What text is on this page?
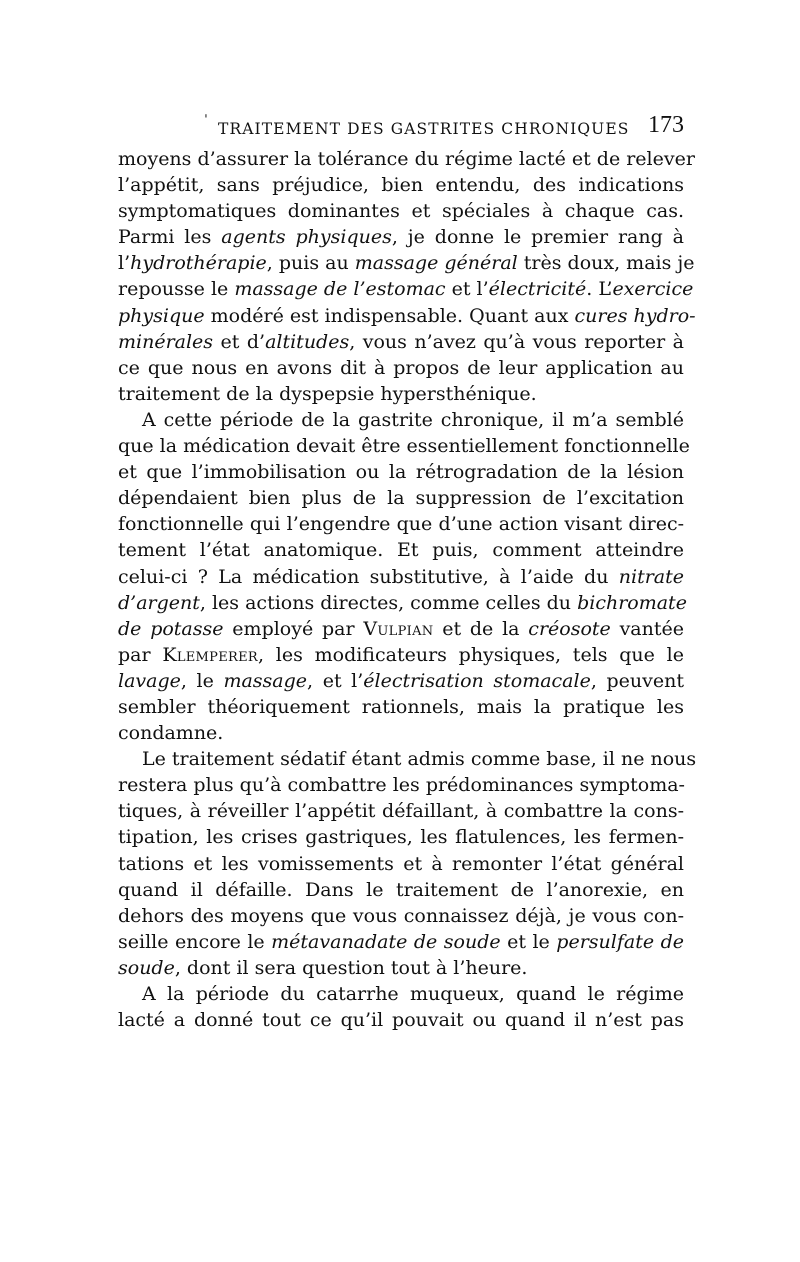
ˈ TRAITEMENT DES GASTRITES CHRONIQUES 173
moyens d’assurer la tolérance du régime lacté et de relever
l’appétit, sans préjudice, bien entendu, des indications
symptomatiques dominantes et spéciales à chaque cas.
Parmi les agents physiques, je donne le premier rang à
l’hydrothérapie, puis au massage général très doux, mais je
repousse le massage de l’estomac et l’électricité. L’exercice
physique modéré est indispensable. Quant aux cures hydro-
minérales et d’altitudes, vous n’avez qu’à vous reporter à
ce que nous en avons dit à propos de leur application au
traitement de la dyspepsie hypersthénique.
A cette période de la gastrite chronique, il m’a semblé
que la médication devait être essentiellement fonctionnelle
et que l’immobilisation ou la rétrogradation de la lésion
dépendaient bien plus de la suppression de l’excitation
fonctionnelle qui l’engendre que d’une action visant direc-
tement l’état anatomique. Et puis, comment atteindre
celui-ci ? La médication substitutive, à l’aide du nitrate
d’argent, les actions directes, comme celles du bichromate
de potasse employé par Vulpian et de la créosote vantée
par Klemperer, les modificateurs physiques, tels que le
lavage, le massage, et l’électrisation stomacale, peuvent
sembler théoriquement rationnels, mais la pratique les
condamne.
Le traitement sédatif étant admis comme base, il ne nous
restera plus qu’à combattre les prédominances symptoma-
tiques, à réveiller l’appétit défaillant, à combattre la cons-
tipation, les crises gastriques, les flatulences, les fermen-
tations et les vomissements et à remonter l’état général
quand il défaille. Dans le traitement de l’anorexie, en
dehors des moyens que vous connaissez déjà, je vous con-
seille encore le métavanadate de soude et le persulfate de
soude, dont il sera question tout à l’heure.
A la période du catarrhe muqueux, quand le régime
lacté a donné tout ce qu’il pouvait ou quand il n’est pas
